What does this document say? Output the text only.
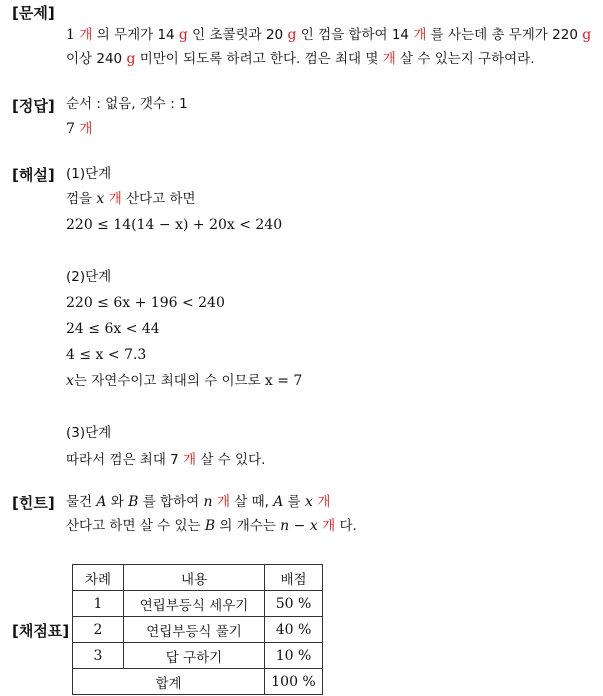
[문제]
1 개 의 무게가 14 g 인 초콜릿과 20 g 인 껌을 합하여 14 개 를 사는데 총 무게가 220 g
이상 240 g 미만이 되도록 하려고 한다. 껌은 최대 몇 개 살 수 있는지 구하여라.
[정답] 순서 : 없음, 갯수 : 1
7 개
[해설] (1)단계
껌을 x 개 산다고 하면
220 ≤ 14(14 − x) + 20x < 240
(2)단계
220 ≤ 6x + 196 < 240
24 ≤ 6x < 44
4 ≤ x < 7.3̇
x는 자연수이고 최대의 수 이므로 x = 7
(3)단계
따라서 껌은 최대 7 개 살 수 있다.
[힌트] 물건 A 와 B 를 합하여 n 개 살 때, A 를 x 개
산다고 하면 살 수 있는 B 의 개수는 n − x 개 다.
[채점표]
차례	내용	배점
1	연립부등식 세우기	50 %
2	연립부등식 풀기	40 %
3	답 구하기	10 %
합계		100 %
